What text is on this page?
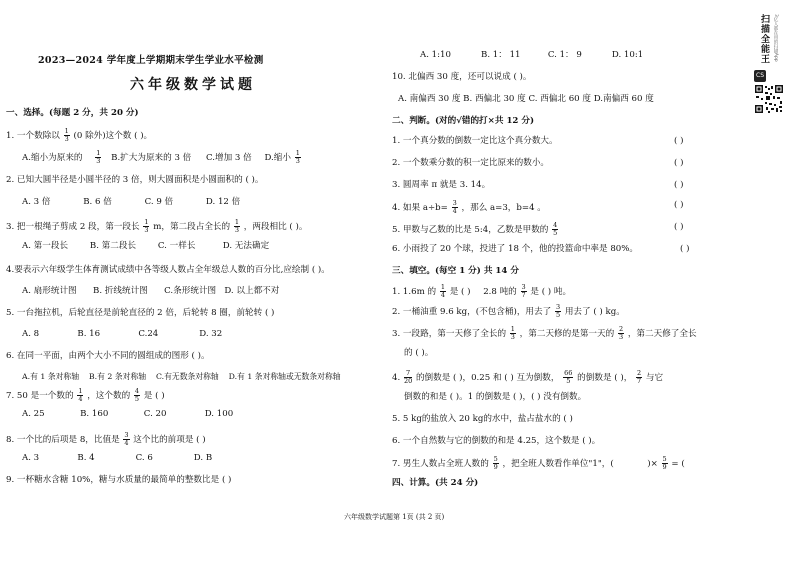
2023—2024 学年度上学期期末学生学业水平检测
六年级数学试题
一、选择。(每题 2 分，共 20 分)
1. 一个数除以 $\frac{1}{3} (0$ 除外)这个数 ( )。
A.缩小为原来的 $\frac{1}{3} B$.扩大为原来的 3 倍 C.增加 3 倍 D.缩小 $\frac{1}{3}$
2. 已知大圆半径是小圆半径的 3 倍，则大圆面积是小圆面积的 ( )。
A. 3 倍            B. 6 倍            C. 9 倍            D. 12 倍
3. 把一根绳子剪成 2 段，第一段长 $\frac{1}{3}$ m，第二段占全长的 $\frac{1}{3}$ ，两段相比 ( )。
A. 第一段长        B. 第二段长        C. 一样长          D. 无法确定
4.要表示六年级学生体育测试成绩中各等级人数占全年级总人数的百分比,应绘制 ( )。
A. 扇形统计图      B. 折线统计图      C.条形统计图   D. 以上都不对
5. 一台拖拉机，后轮直径是前轮直径的 2 倍，后轮转 8 圈，前轮转 ( )
A. 8              B. 16              C.24               D. 32
6. 在同一平面，由两个大小不同的圆组成的图形 ( )。
A.有 1 条对称轴    B.有 2 条对称轴    C.有无数条对称轴    D.有 1 条对称轴或无数条对称轴
7. 50 是一个数的 $\frac{1}{4}$ ，这个数的 $\frac{4}{5}$ 是 ( )
A. 25             B. 160             C. 20              D. 100
8. 一个比的后项是 8，比值是 $\frac{3}{4}$ 这个比的前项是 ( )
A. 3              B. 4               C. 6               D. B
9. 一杯糖水含糖 10%，糖与水质量的最简单的整数比是 ( )
A. 1:10           B. 1： 11          C. 1： 9           D. 10:1
10. 北偏西 30 度，还可以说成 ( )。
A. 南偏西 30 度 B. 西偏北 30 度 C. 西偏北 60 度 D.南偏西 60 度
二、判断。(对的√错的打×共 12 分)
1. 一个真分数的倒数一定比这个真分数大。	( )
2. 一个数乘分数的积一定比原来的数小。	( )
3. 圆周率 π 就是 3. 14。	( )
4. 如果 $a\div b= \frac{3}{4}$ ，那么 a=3，b=4 。	( )
5. 甲数与乙数的比是 5:4，乙数是甲数的 $\frac{4}{5}$	( )
6. 小雨投了 20 个球，投进了 18 个，他的投篮命中率是 80%。	( )
三、填空。(每空 1 分) 共 14 分
1. 1.6m 的 $\frac{1}{4}$ 是 ( ) 2.8 吨的 $\frac{3}{7}$ 是 ( ) 吨。
2. 一桶油重 9.6 kg，(不包含桶)，用去了 $\frac{3}{5}$ 用去了 ( ) kg。
3. 一段路，第一天修了全长的 $\frac{1}{3}$ ，第二天修的是第一天的 $\frac{2}{3}$ ，第二天修了全长
的 ( )。
4. $\frac{7}{20}$ 的倒数是 ( )，0.25 和 ( ) 互为倒数， $\frac{66}{5}$ 的倒数是 ( )， $\frac{2}{7}$ 与它
倒数的和是 ( )。1 的倒数是 ( )，( ) 没有倒数。
5. 5 kg的盐放入 20 kg的水中，盐占盐水的 ( )
6. 一个自然数与它的倒数的和是 4.25，这个数是 ( )。
7. 男生人数占全班人数的 $\frac{5}{9}$ ，把全班人数看作单位"1"，(	)× $\frac{5}{9}$ = (
四、计算。(共 24 分)
六年级数学试题第 1页 (共 2 页)
扫描全能王 3亿人都在用的扫描App
CS
